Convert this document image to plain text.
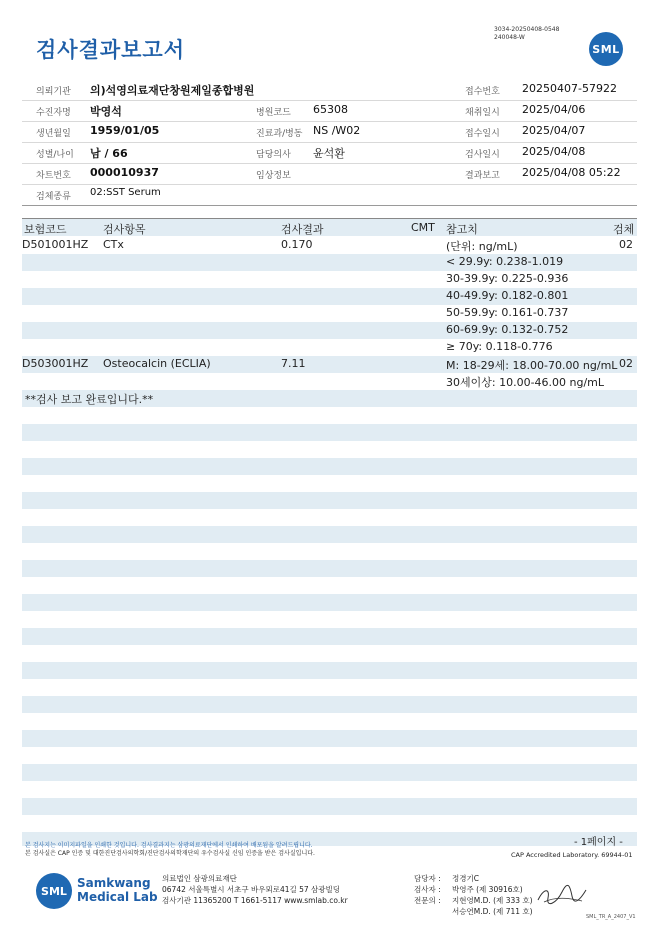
검사결과보고서
3034-20250408-0548
240048-W
SML
의뢰기관 의)석영의료재단창원제일종합병원	접수번호 20250407-57922
수진자명 박영석	병원코드 65308	채취일시 2025/04/06
생년월일 1959/01/05	진료과/병동 NS /W02	접수일시 2025/04/07
성별/나이 남 / 66	담당의사 윤석환	검사일시 2025/04/08
차트번호 000010937	임상정보	결과보고 2025/04/08 05:22
검체종류 02:SST Serum
보험코드	검사항목	검사결과	CMT 참고치	검체
D501001HZ CTx	0.170	(단위: ng/mL)	02
< 29.9y: 0.238-1.019
30-39.9y: 0.225-0.936
40-49.9y: 0.182-0.801
50-59.9y: 0.161-0.737
60-69.9y: 0.132-0.752
≥ 70y: 0.118-0.776
D503001HZ Osteocalcin (ECLIA)	7.11	M: 18-29세: 18.00-70.00 ng/mL 02
30세이상: 10.00-46.00 ng/mL
**검사 보고 완료입니다.**
- 1페이지 -
본 검사지는 이미지파일을 인쇄한 것입니다. 검사결과지는 삼광의료재단에서 인쇄하여 배포됨을 알려드립니다.
본 검사실은 CAP 인증 및 대한진단검사의학회/진단검사의학재단의 우수검사실 신임 인증을 받은 검사실입니다.	CAP Accredited Laboratory. 69944-01
SML
Samkwang
Medical Lab
의료법인 삼광의료재단
06742 서울특별시 서초구 바우뫼로41길 57 삼광빌딩
검사기관 11365200 T 1661-5117 www.smlab.co.kr
담당자 : 정경기C
검사자 : 박영주 (제 30916호)
전문의 : 지현영M.D. (제 333 호)
서승연M.D. (제 711 호)
SML_TR_A_2407_V1
